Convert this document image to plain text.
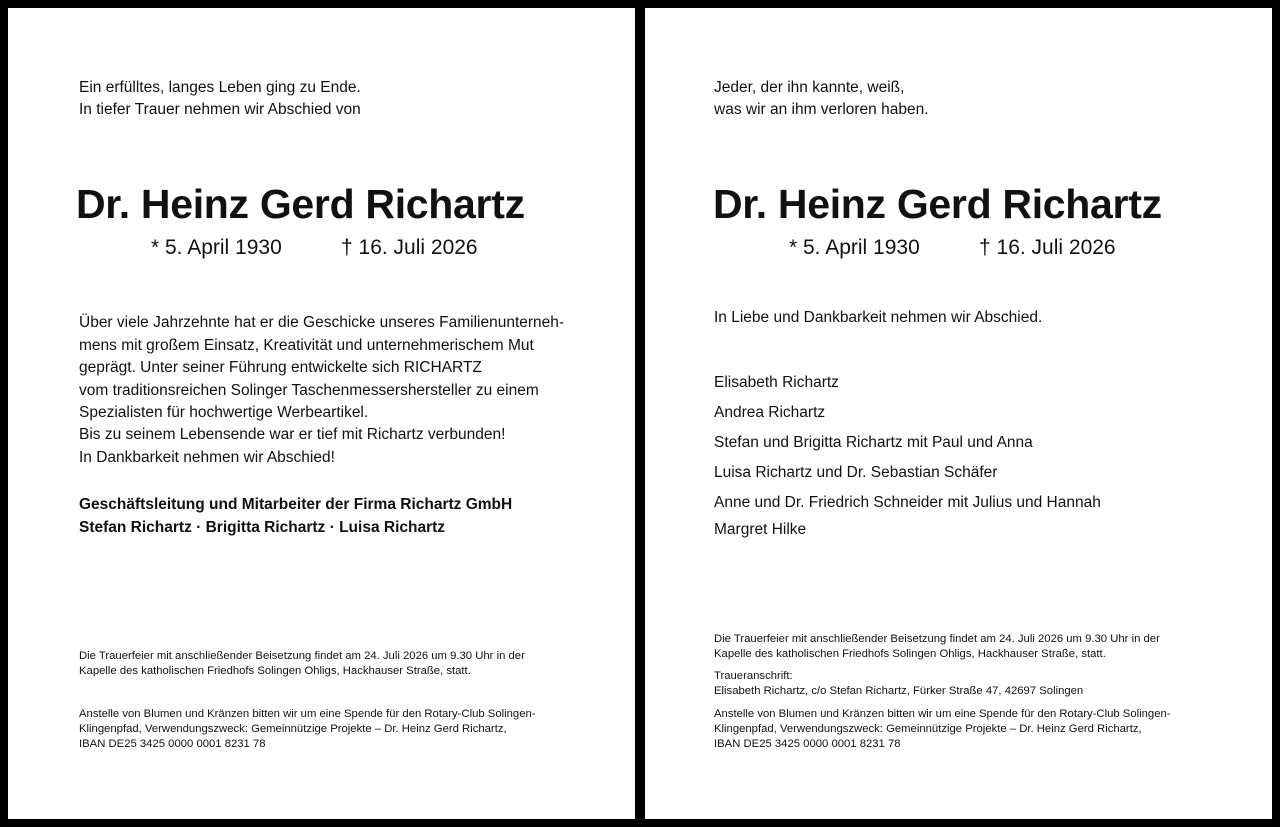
Ein erfülltes, langes Leben ging zu Ende.
In tiefer Trauer nehmen wir Abschied von
Dr. Heinz Gerd Richartz
* 5. April 1930	† 16. Juli 2026
Über viele Jahrzehnte hat er die Geschicke unseres Familienunterneh-
mens mit großem Einsatz, Kreativität und unternehmerischem Mut
geprägt. Unter seiner Führung entwickelte sich RICHARTZ
vom traditionsreichen Solinger Taschenmessershersteller zu einem
Spezialisten für hochwertige Werbeartikel.
Bis zu seinem Lebensende war er tief mit Richartz verbunden!
In Dankbarkeit nehmen wir Abschied!
Geschäftsleitung und Mitarbeiter der Firma Richartz GmbH
Stefan Richartz · Brigitta Richartz · Luisa Richartz
Die Trauerfeier mit anschließender Beisetzung findet am 24. Juli 2026 um 9.30 Uhr in der
Kapelle des katholischen Friedhofs Solingen Ohligs, Hackhauser Straße, statt.
Anstelle von Blumen und Kränzen bitten wir um eine Spende für den Rotary-Club Solingen-
Klingenpfad, Verwendungszweck: Gemeinnützige Projekte – Dr. Heinz Gerd Richartz,
IBAN DE25 3425 0000 0001 8231 78
Jeder, der ihn kannte, weiß,
was wir an ihm verloren haben.
Dr. Heinz Gerd Richartz
* 5. April 1930	† 16. Juli 2026
In Liebe und Dankbarkeit nehmen wir Abschied.
Elisabeth Richartz
Andrea Richartz
Stefan und Brigitta Richartz mit Paul und Anna
Luisa Richartz und Dr. Sebastian Schäfer
Anne und Dr. Friedrich Schneider mit Julius und Hannah
Margret Hilke
Die Trauerfeier mit anschließender Beisetzung findet am 24. Juli 2026 um 9.30 Uhr in der
Kapelle des katholischen Friedhofs Solingen Ohligs, Hackhauser Straße, statt.
Traueranschrift:
Elisabeth Richartz, c/o Stefan Richartz, Fürker Straße 47, 42697 Solingen
Anstelle von Blumen und Kränzen bitten wir um eine Spende für den Rotary-Club Solingen-
Klingenpfad, Verwendungszweck: Gemeinnützige Projekte – Dr. Heinz Gerd Richartz,
IBAN DE25 3425 0000 0001 8231 78
